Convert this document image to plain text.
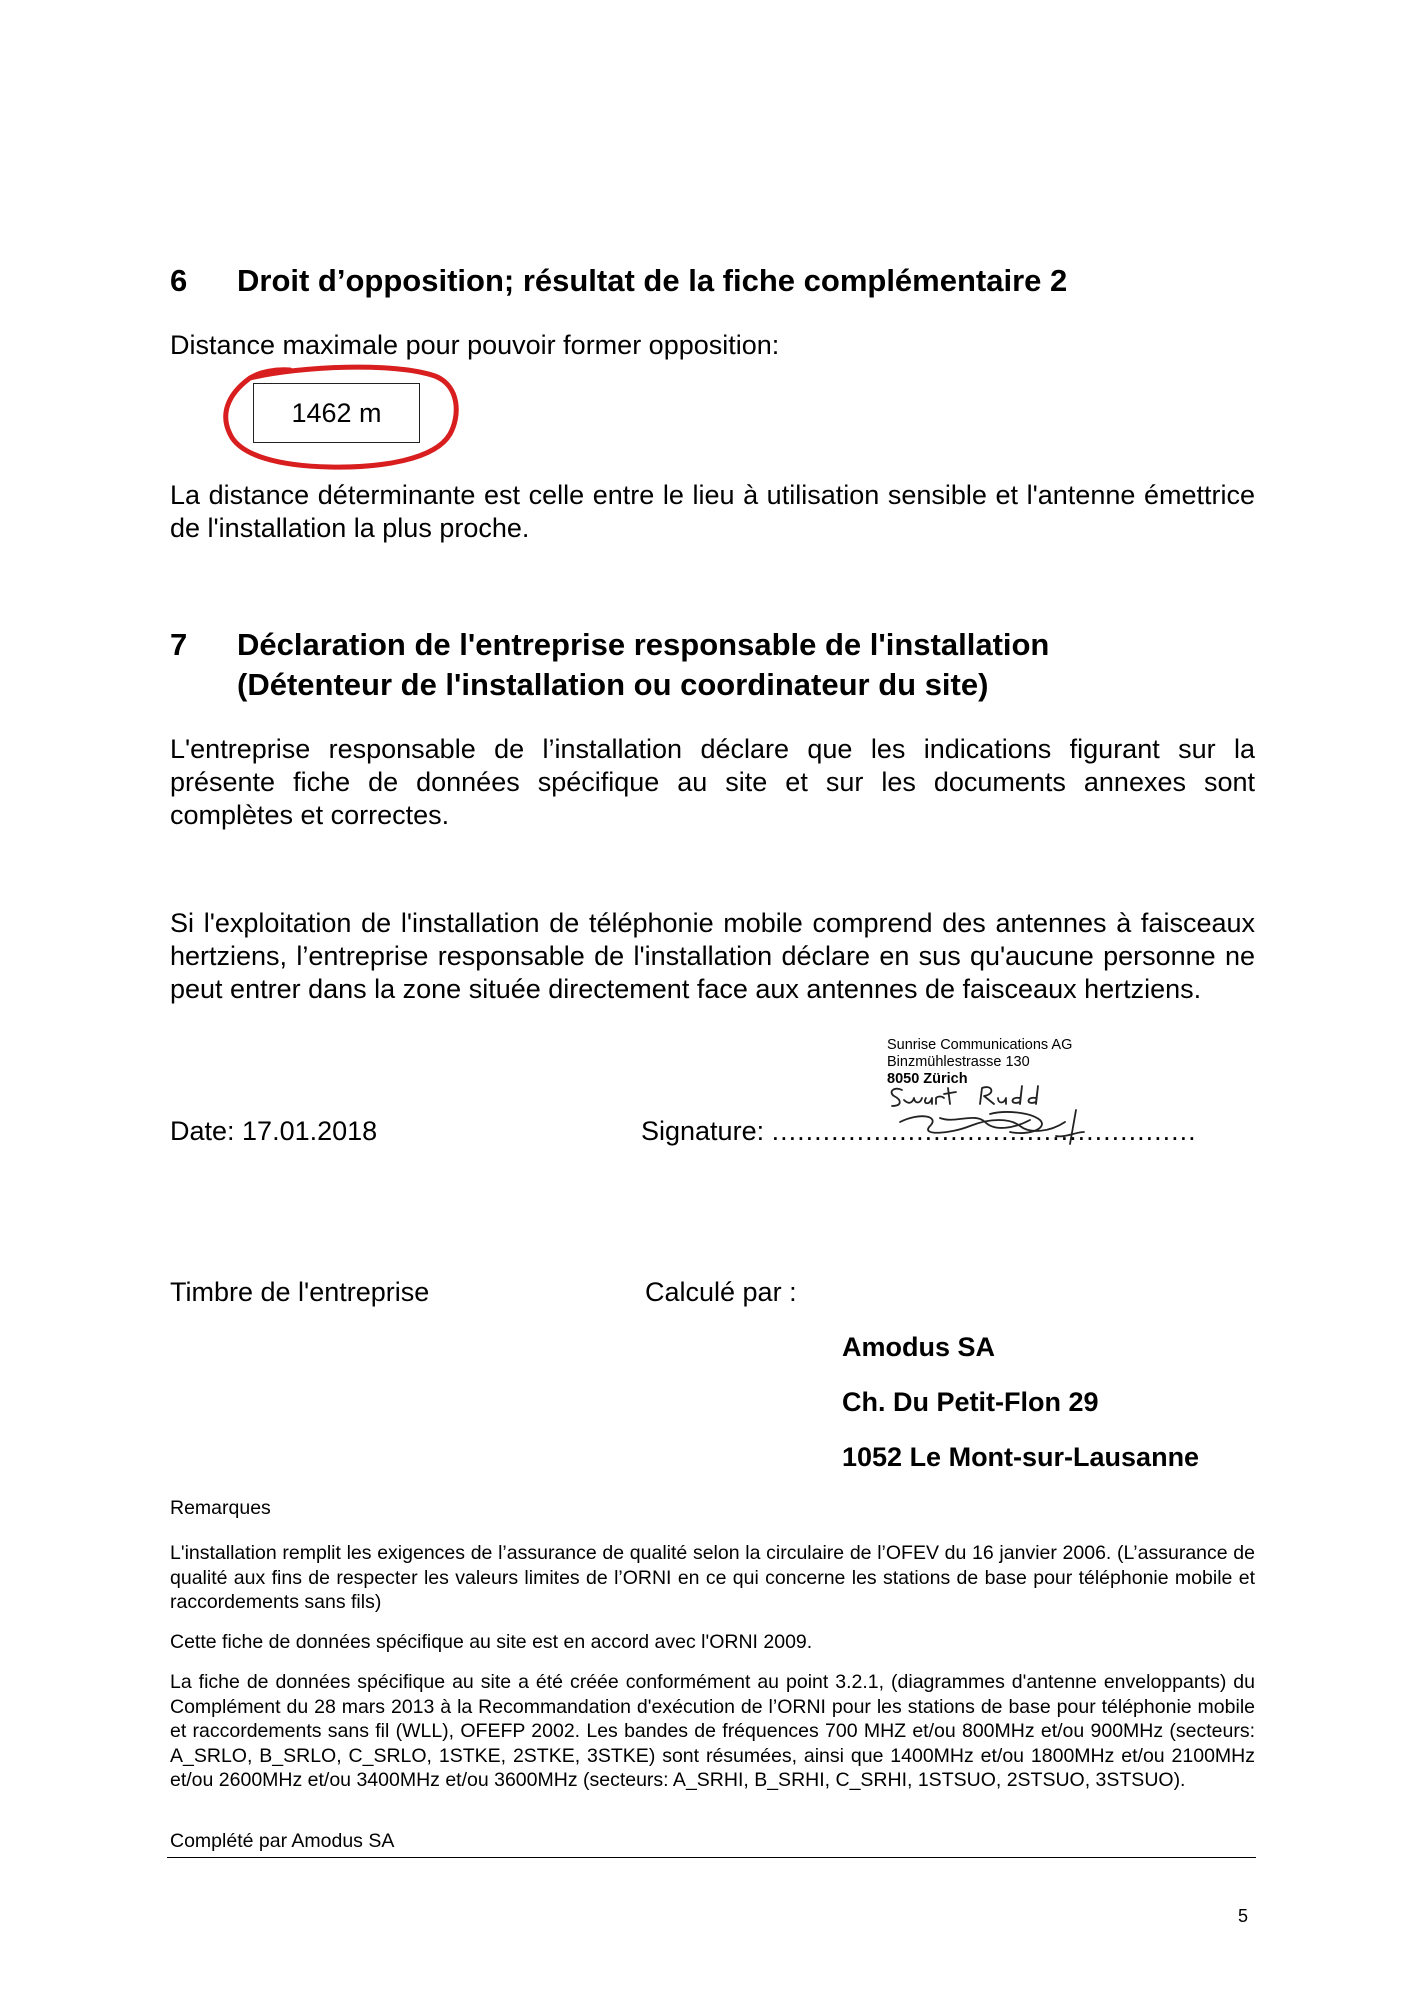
6 Droit d’opposition; résultat de la fiche complémentaire 2
Distance maximale pour pouvoir former opposition:
1462 m
La distance déterminante est celle entre le lieu à utilisation sensible et l'antenne émettrice de l'installation la plus proche.
7 Déclaration de l'entreprise responsable de l'installation
(Détenteur de l'installation ou coordinateur du site)
L'entreprise responsable de l’installation déclare que les indications figurant sur la présente fiche de données spécifique au site et sur les documents annexes sont complètes et correctes.
Si l'exploitation de l'installation de téléphonie mobile comprend des antennes à faisceaux hertziens, l’entreprise responsable de l'installation déclare en sus qu'aucune personne ne peut entrer dans la zone située directement face aux antennes de faisceaux hertziens.
Sunrise Communications AG
Binzmühlestrasse 130
8050 Zürich
Date: 17.01.2018	Signature: ..................................................
Timbre de l'entreprise	Calculé par :
Amodus SA
Ch. Du Petit-Flon 29
1052 Le Mont-sur-Lausanne
Remarques
L'installation remplit les exigences de l’assurance de qualité selon la circulaire de l’OFEV du 16 janvier 2006. (L’assurance de qualité aux fins de respecter les valeurs limites de l’ORNI en ce qui concerne les stations de base pour téléphonie mobile et raccordements sans fils)
Cette fiche de données spécifique au site est en accord avec l'ORNI 2009.
La fiche de données spécifique au site a été créée conformément au point 3.2.1, (diagrammes d'antenne enveloppants) du Complément du 28 mars 2013 à la Recommandation d'exécution de l’ORNI pour les stations de base pour téléphonie mobile et raccordements sans fil (WLL), OFEFP 2002. Les bandes de fréquences 700 MHZ et/ou 800MHz et/ou 900MHz (secteurs: A_SRLO, B_SRLO, C_SRLO, 1STKE, 2STKE, 3STKE) sont résumées, ainsi que 1400MHz et/ou 1800MHz et/ou 2100MHz et/ou 2600MHz et/ou 3400MHz et/ou 3600MHz (secteurs: A_SRHI, B_SRHI, C_SRHI, 1STSUO, 2STSUO, 3STSUO).
Complété par Amodus SA
5
